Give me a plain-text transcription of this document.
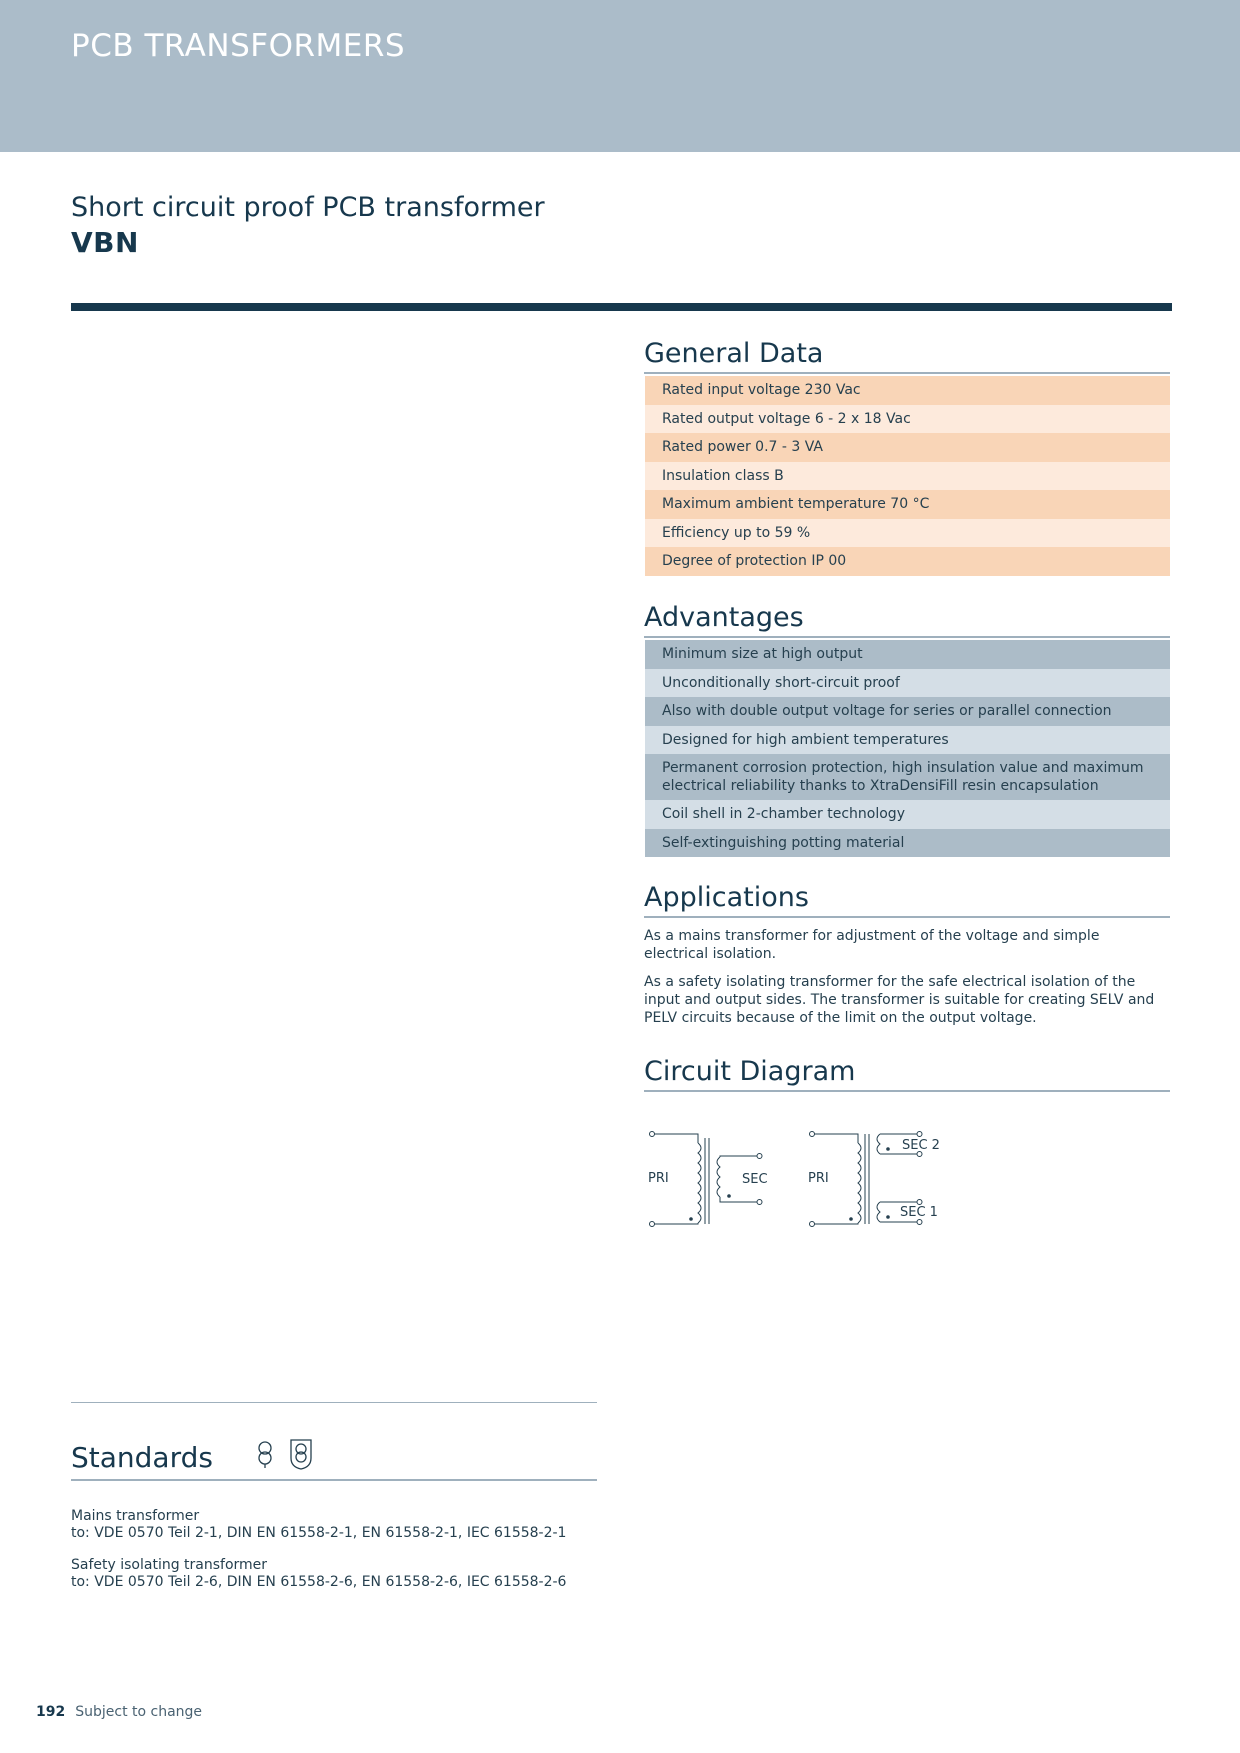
PCB TRANSFORMERS
Short circuit proof PCB transformer
VBN
General Data
Rated input voltage 230 Vac
Rated output voltage 6 - 2 x 18 Vac
Rated power 0.7 - 3 VA
Insulation class B
Maximum ambient temperature 70 °C
Efficiency up to 59 %
Degree of protection IP 00
Advantages
Minimum size at high output
Unconditionally short-circuit proof
Also with double output voltage for series or parallel connection
Designed for high ambient temperatures
Permanent corrosion protection, high insulation value and maximum electrical reliability thanks to XtraDensiFill resin encapsulation
Coil shell in 2-chamber technology
Self-extinguishing potting material
Applications
As a mains transformer for adjustment of the voltage and simple electrical isolation.
As a safety isolating transformer for the safe electrical isolation of the input and output sides. The transformer is suitable for creating SELV and PELV circuits because of the limit on the output voltage.
Circuit Diagram
PRI	SEC	PRI
SEC 2
SEC 1
Standards
Mains transformer
to: VDE 0570 Teil 2-1, DIN EN 61558-2-1, EN 61558-2-1, IEC 61558-2-1
Safety isolating transformer
to: VDE 0570 Teil 2-6, DIN EN 61558-2-6, EN 61558-2-6, IEC 61558-2-6
192 Subject to change
